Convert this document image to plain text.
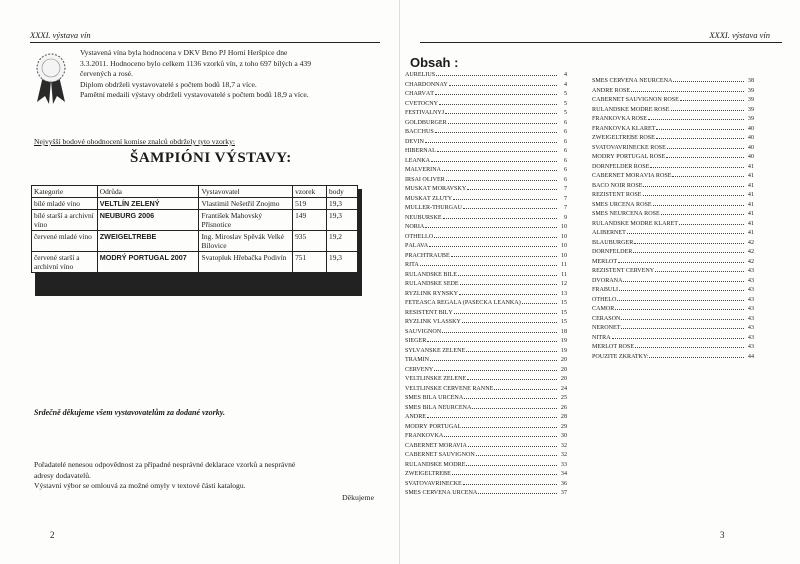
XXXI. výstava vín

Vystavená vína byla hodnocena v DKV Brno PJ Horní Heršpice dne

3.3.2011. Hodnoceno bylo celkem 1136 vzorků vín, z toho 697 bílých a 439

červených a rosé.

Diplom obdrželi vystavovatelé s počtem bodů 18,7 a více.

Pamětní medaili výstavy obdrželi vystavovatelé s počtem bodů 18,9 a více.

Nejvyšší bodové ohodnocení komise znalců obdržely tyto vzorky:
ŠAMPIÓNI VÝSTAVY:
Kategorie	Odrůda	Vystavovatel	vzorek	body
bílé mladé víno	VELTLÍN ZELENÝ	Vlastimil Nešetřil Znojmo	519	19,3
bílé starší a archivní víno	NEUBURG 2006	František Mahovský Přísnotice	149	19,3
červené mladé víno	ZWEIGELTREBE	Ing. Miroslav Spěvák Velké Bílovice	935	19,2
červené starší a archivní víno	MODRÝ PORTUGAL 2007	Svatopluk Hřebačka Podivín	751	19,3
Srdečně děkujeme všem vystavovatelům za dodané vzorky.

Pořadatelé nenesou odpovědnost za případné nesprávné deklarace vzorků a nesprávné

adresy dodavatelů.

Výstavní výbor se omlouvá za možné omyly v textové části katalogu.

Děkujeme
2
XXXI. výstava vín
Obsah :
AURELIUS	4
CHARDONNAY	4
CHARVÁT	5
CVETOČNÝ	5
FESTIVALNYJ	5
GOLDBURGER	6
BACCHUS	6
DĚVÍN	6
HIBERNAL	6
LEANKA	6
MALVERINA	6
IRSAI OLIVER	6
MUŠKÁT MORAVSKÝ	7
MUŠKÁT ŽLUTÝ	7
MÜLLER-THURGAU	7
NEUBURSKÉ	9
NORIA	10
OTHELLO	10
PÁLAVA	10
PRACHTRAUBE	10
RITA	11
RULANDSKÉ BÍLÉ	11
RULANDSKÉ ŠEDÉ	12
RYZLINK RÝNSKÝ	13
FETEASCA REGALA (PASECKÁ LEANKA)	15
RESISTENT BÍLÝ	15
RYZLINK VLAŠSKÝ	15
SAUVIGNON	18
SIEGER	19
SYLVÁNSKÉ ZELENÉ	19
TRAMÍN	20
ČERVENÝ	20
VELTLÍNSKÉ ZELENÉ	20
VELTLÍNSKÉ ČERVENÉ RANNÉ	24
SMĚS BÍLÁ URČENÁ	25
SMĚS BÍLÁ NEURČENÁ	26
ANDRÉ	28
MODRÝ PORTUGAL	29
FRANKOVKA	30
CABERNET MORAVIA	32
CABERNET SAUVIGNON	32
RULANDSKÉ MODRÉ	33
ZWEIGELTREBE	34
SVATOVAVŘINECKÉ	36
SMĚS ČERVENÁ URČENÁ	37
SMĚS ČERVENÁ NEURČENÁ	38
ANDRÉ ROSÉ	39
CABERNET SAUVIGNON ROSÉ	39
RULANDSKÉ MODRÉ ROSÉ	39
FRANKOVKA ROSÉ	39
FRANKOVKA KLARET	40
ZWEIGELTREBE ROSÉ	40
SVATOVAVŘINECKÉ ROSÉ	40
MODRÝ PORTUGAL ROSÉ	40
DORNFELDER ROSÉ	41
CABERNET MORÁVIA ROSÉ	41
BACO NOIR ROSÉ	41
REZISTENT ROSÉ	41
SMĚS URČENÁ ROSÉ	41
SMĚS NEURČENÁ ROSÉ	41
RULANDSKÉ MODRÉ KLARET	41
ALIBERNET	41
BLAUBURGER	42
DORNFELDER	42
MERLOT	42
REZISTENT ČERVENÝ	43
DVORANA	43
FRABULI	43
OTHELO	43
CAMOR	43
CERASON	43
NERONET	43
NITRA	43
MERLOT ROSÉ	43
POUŽITÉ ZKRATKY:	44
3
